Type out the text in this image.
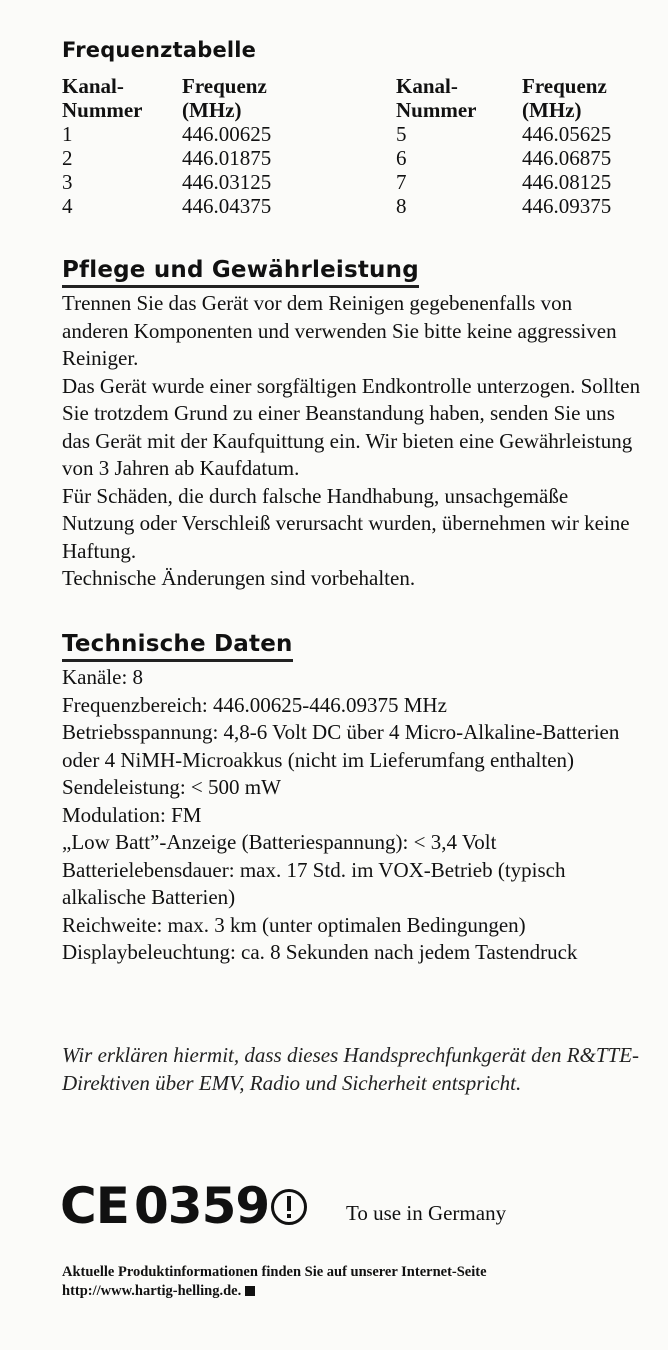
Frequenztabelle
Kanal-
Nummer
1
2
3
4
Frequenz
(MHz)
446.00625
446.01875
446.03125
446.04375
Kanal-
Nummer
5
6
7
8
Frequenz
(MHz)
446.05625
446.06875
446.08125
446.09375
Pflege und Gewährleistung

Trennen Sie das Gerät vor dem Reinigen gegebenenfalls von anderen Komponenten und verwenden Sie bitte keine aggressiven Reiniger.

Das Gerät wurde einer sorgfältigen Endkontrolle unterzogen. Sollten Sie trotzdem Grund zu einer Beanstandung haben, senden Sie uns das Gerät mit der Kaufquittung ein. Wir bieten eine Gewährleistung von 3 Jahren ab Kaufdatum.

Für Schäden, die durch falsche Handhabung, unsachgemäße Nutzung oder Verschleiß verursacht wurden, übernehmen wir keine Haftung.

Technische Änderungen sind vorbehalten.

Technische Daten

Kanäle: 8

Frequenzbereich: 446.00625-446.09375 MHz

Betriebsspannung: 4,8-6 Volt DC über 4 Micro-Alkaline-Batterien oder 4 NiMH-Microakkus (nicht im Lieferumfang enthalten)

Sendeleistung: < 500 mW

Modulation: FM

„Low Batt”-Anzeige (Batteriespannung): < 3,4 Volt

Batterielebensdauer: max. 17 Std. im VOX-Betrieb (typisch alkalische Batterien)

Reichweite: max. 3 km (unter optimalen Bedingungen)

Displaybeleuchtung: ca. 8 Sekunden nach jedem Tastendruck

Wir erklären hiermit, dass dieses Handsprechfunkgerät den R&TTE-Direktiven über EMV, Radio und Sicherheit entspricht.
CE 0359	To use in Germany
Aktuelle Produktinformationen finden Sie auf unserer Internet-Seite
http://www.hartig-helling.de.
